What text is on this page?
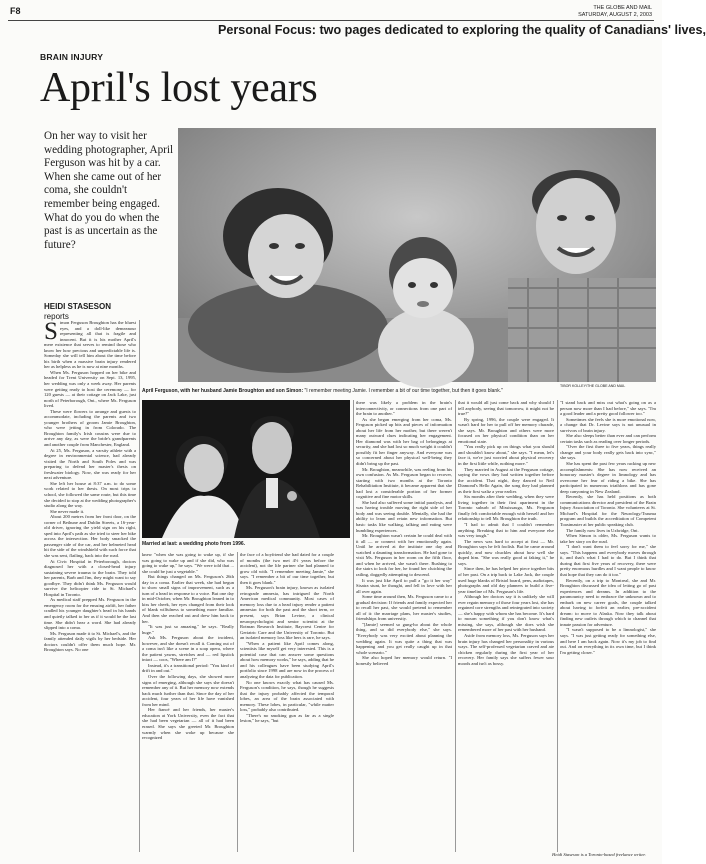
F8	THE GLOBE AND MAIL
SATURDAY, AUGUST 2, 2003
Personal Focus: two pages dedicated to exploring the quality of Canadians' lives,
BRAIN INJURY
April's lost years
On her way to visit her wedding photographer, April Ferguson was hit by a car. When she came out of her coma, she couldn't remember being engaged. What do you do when the past is as uncertain as the future?
HEIDI STASESON
reports
TIBOR KOLLEY/THE GLOBE AND MAIL
April Ferguson, with her husband Jamie Broughton and son Simon: "I remember meeting Jamie. I remember a bit of our time together, but then it goes blank."
Married at last: a wedding photo from 1996.

Simon Ferguson Broughton has the bluest eyes, and a doll-like demeanour representing all that is fragile and innocent. But it is his mother April's mere existence that serves to remind those who know her how precious and unpredictable life is. Someday she will tell him about the time before his birth when a massive brain injury rendered her as helpless as he is now at nine months.

When Ms. Ferguson hopped on her bike and headed for Trent University on Sept. 13, 1995, her wedding was only a week away. Her parents were getting ready to host the ceremony — for 120 guests — at their cottage on Jack Lake, just north of Peterborough, Ont., where Ms. Ferguson lived.

These were flowers to arrange and guests to accommodate, including the parents and two younger brothers of groom Jamie Broughton, who were jetting in from Colorado. The Broughton family's Irish cousins were due to arrive any day, as were the bride's grandparents and another couple from Manchester, England.

At 25, Ms. Ferguson, a varsity athlete with a degree in environmental science, had already visited the North and South Poles and was preparing to defend her master's thesis on freshwater biology. Now, she was ready for her next adventure.

She left her house at 8:37 a.m. to do some work related to her thesis. On most trips to school, she followed the same route, but this time she decided to stop at the wedding photographer's studio along the way.

She never made it.

About 200 metres from her front door, on the corner of Bethune and Dublin Streets, a 16-year-old driver, ignoring the yield sign on his right, sped into April's path as she tried to steer her bike across the intersection. Her body smacked the passenger side of the car, and her helmeted head hit the side of the windshield with such force that she was sent, flailing, back into the road.

At Civic Hospital in Peterborough, doctors diagnosed her with a closed-head injury sustaining severe trauma to the brain. They told her parents, Barb and Jim, they might want to say goodbye. They didn't think Ms. Ferguson would survive the helicopter ride to St. Michael's Hospital in Toronto.

As medical staff prepped Ms. Ferguson in the emergency room for the ensuing airlift, her father cradled his younger daughter's head in his hands and quietly talked to her as if it would be the last time. She didn't hear a word. She had already slipped into a coma.

Ms. Ferguson made it to St. Michael's, and the family attended daily vigils by her bedside. Her doctors couldn't offer them much hope. Mr. Broughton says. No one

knew "when she was going to wake up, if she was going to wake up and if she did, who was going to wake up," he says. "We were told that ... she could be just a vegetable."

But things changed on Ms. Ferguson's 26th day in a coma. Earlier that week, she had begun to show small signs of improvement, such as a turn of a head in response to a voice. But one day in mid-October, when Mr. Broughton leaned in to kiss her cheek, her eyes changed from their look of blank wilfulness to something more familiar. And then she reached out and drew him back to her.

"It was just so amazing," he says. "Really huge."

Ask Ms. Ferguson about the incident, however, and she doesn't recall it. Coming out of a coma isn't like a scene in a soap opera, where the patient yawns, stretches and — red lipstick intact — coos, "Where am I?"

Instead, it's a transitional period: "You kind of drift in and out."

Over the following days, she showed more signs of emerging, although she says she doesn't remember any of it. But her memory now extends back much further than that. Since the day of her accident, four years of her life have vanished from her mind.

Her fiancé and her friends, her master's education at York University, even the fact that she had been vegetarian — all of it had been erased. She says she greeted Mr. Broughton warmly when she woke up because she recognized

the face of a boyfriend she had dated for a couple of months (the two met 4½ years before the accident), not the life partner she had planned to grow old with. "I remember meeting Jamie," she says. "I remember a bit of our time together, but then it goes blank."

Ms. Ferguson's brain injury, known as isolated retrograde amnesia, has intrigued the North American medical community. Most cases of memory loss due to a head injury render a patient amnesiac for both the past and the short term, or present, says Brian Levine, a clinical neuropsychologist and senior scientist at the Rotman Research Institute, Baycrest Centre for Geriatric Care and the University of Toronto. But an isolated memory loss like hers is rare, he says.

"When a patient like April comes along, scientists like myself get very interested. This is a potential case that can answer some questions about how memory works," he says, adding that he and his colleagues have been studying April's portfolio since 1998 and are now in the process of analyzing the data for publication.

No one knows exactly what has caused Ms. Ferguson's condition, he says, though he suggests that the injury probably affected the temporal lobes, an area of the brain associated with memory. These lobes, in particular, "while matter loss," probably also contributed.

"There's no smoking gun as far as a single lesion," he says, "but

there was likely a problem in the brain's interconnectivity, or connections from one part of the brain to another."

As she began emerging from her coma, Ms. Ferguson picked up bits and pieces of information about her life from her mother, but there weren't many outward clues indicating her engagement. Her diamond was with her bag of belongings at security, and she had lost so much weight it couldn't possibly fit her finger anyway. And everyone was so concerned about her physical well-being they didn't bring up the past.

Mr. Broughton, meanwhile, was reeling from his own confusion. As Ms. Ferguson began to recover, starting with two months at the Toronto Rehabilitation Institute, it became apparent that she had lost a considerable portion of her former cognitive and fine motor skills.

She had also suffered some initial paralysis, and was having trouble moving the right side of her body and was seeing double. Mentally, she had the ability to learn and retain new information. But basic tasks like walking, talking and eating were humbling experiences.

Mr. Broughton wasn't certain he could deal with it all — or connect with her emotionally again. Until he arrived at the institute one day and watched a daunting transformation. He had gone to visit Ms. Ferguson in her room on the fifth floor, and when he arrived, she wasn't there. Rushing to the stairs to look for her, he found her clutching the railing, doggedly attempting to descend.

It was just like April to pull a "go it her way" Sisatra stunt, he thought, and fell in love with her all over again.

Some time around then, Ms. Ferguson came to a gradual decision: If friends and family expected her to recall her past, she would pretend to remember all of it: the marriage plans, her master's studies, friendships from university.

"[Jamie] seemed so gung-ho about the whole thing, and so did everybody else," she says. "Everybody was very excited about planning the wedding again. It was quite a thing that was happening and you get really caught up in that whole scenario."

She also hoped her memory would return. "I honestly believed

that it would all just come back and why should I tell anybody, seeing that tomorrow, it might not be true?"

By spring, 1996, the couple were engaged. It wasn't hard for her to pull off her memory charade, she says. Mr. Broughton and others were more focused on her physical condition than on her emotional state.

"You really pick up on things what you should and shouldn't know about," she says. "I mean, let's face it, we're just worried about physical recovery in the first little while, nothing more."

They married in August at the Ferguson cottage, saying the vows they had written together before the accident. That night, they danced to Neil Diamond's Hello Again, the song they had planned as their first waltz a year earlier.

Six months after their wedding, when they were living together in their first apartment in the Toronto suburb of Mississauga, Ms. Ferguson finally felt comfortable enough with herself and her relationship to tell Mr. Broughton the truth.

"I had to admit that I couldn't remember anything. Breaking that to him and everyone else was very tough."

The news was hard to accept at first — Mr. Broughton says he felt foolish. But he came around quickly, and now chuckles about how well she duped him. "She was really good at faking it," he says.

Since then, he has helped her piece together bits of her past. On a trip back to Lake Jack, the couple used huge blanks of Bristol board, pens, audiotapes, photographs and old day planners to build a five-year timeline of Ms. Ferguson's life.

Although her doctors say it is unlikely she will ever regain memory of those four years lost, she has regained core strengths and reintegrated into society — she's happy with whom she has become. It's hard to mourn something if you don't know what's missing, she says, although she does wish she remembered more of her past with her husband.

Aside from memory loss, Ms. Ferguson says her brain injury has changed her personality in various ways. The self-professed vegetarian craved and ate chicken regularly during the first year of her recovery. Her family says she suffers fewer sour moods and isn't as bossy.

"I stand back and miss out what's going on as a person now more than I had before," she says. "I'm a good leader and a pretty good follower too."

Sometimes she feels she is more emotional now, a change that Dr. Levine says is not unusual in survivors of brain injury.

She also sleeps better than ever and can perform certain tasks such as reading over longer periods.

"Over the first three to five years, things really change and your body really gets back into sync," she says.

She has spent the past few years racking up new accomplishments: She has now received an honorary master's degree in limnology and has overcome her fear of riding a bike. She has participated in numerous triathlons and has gone deep canyoning in New Zealand.

Recently, she has held positions as both communications director and president of the Brain Injury Association of Toronto. She volunteers at St. Michael's Hospital for the Neurology/Trauma program and builds the accreditation of Competent Toastmaster at her public speaking club.

The family now lives in Uxbridge, Ont.

When Simon is older, Ms. Ferguson wants to take her story on the road.

"I don't want them to feel sorry for me," she says. "This happens and everybody moves through it, and that's what I had to do. But I think that during that first five years of recovery, there were pretty enormous hurdles and I want people to know that hope that they can do it too."

Recently, on a trip to Montreal, she and Mr. Broughton discussed the idea of letting go of past experiences and dreams. In addition to the paramountcy need to embrace the unknown and to embark on new career goals, the couple talked about having to forfeit an earlier, pre-accident dream: to move to Alaska. Now they talk about finding new outlets through which to channel that innate passion for adventure.

"I wasn't supposed to be a limnologist," she says. "I was just getting ready for something else, and here I am back again. Now it's my job to find out. And on everything in its own time, but I think I'm getting closer."

Heidi Staseson is a Toronto-based freelance writer.
